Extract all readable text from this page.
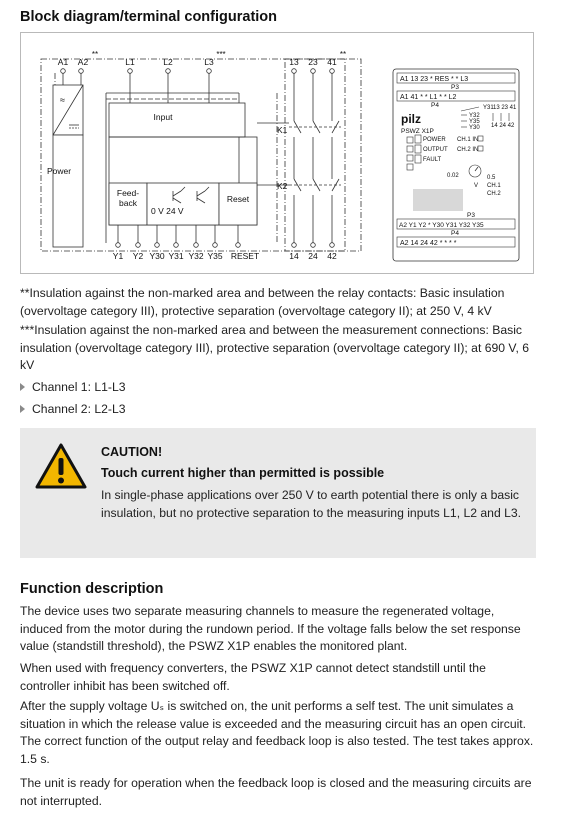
Block diagram/terminal configuration
A1 A2
**
L1	L2	L3
***
13 23 41
**
≈
Power
Input
Feed-
back
0 V 24 V
Reset
K1
K2
Y1 Y2 Y30 Y31 Y32 Y35 RESET	14 24 42
A1 13 23 * RES * * L3
P3
A1 41 * * L1 * * L2
P4	Y31 13 23 41
Y32
Y35
Y30 14 24 42
pilz
PSWZ X1P
POWER CH.1 IN
OUTPUT CH.2 IN
FAULT
0.02
V
0.5
CH.1
CH.2
P3
A2 Y1 Y2 * Y30 Y31 Y32 Y35
P4
A2 14 24 42 * * * *
**Insulation against the non-marked area and between the relay contacts: Basic insulation (overvoltage category III), protective separation (overvoltage category II); at 250 V, 4 kV
***Insulation against the non-marked area and between the measurement connections: Basic insulation (overvoltage category III), protective separation (overvoltage category II); at 690 V, 6 kV
Channel 1: L1-L3
Channel 2: L2-L3
CAUTION!
Touch current higher than permitted is possible
In single-phase applications over 250 V to earth potential there is only a basic insulation, but no protective separation to the measuring inputs L1, L2 and L3.
Function description
The device uses two separate measuring channels to measure the regenerated voltage, induced from the motor during the rundown period. If the voltage falls below the set response value (standstill threshold), the PSWZ X1P enables the monitored plant.
When used with frequency converters, the PSWZ X1P cannot detect standstill until the controller inhibit has been switched off.
After the supply voltage Uₛ is switched on, the unit performs a self test. The unit simulates a situation in which the release value is exceeded and the measuring circuit has an open circuit. The correct function of the output relay and feedback loop is also tested. The test takes approx. 1.5 s.
The unit is ready for operation when the feedback loop is closed and the measuring circuits are not interrupted.
